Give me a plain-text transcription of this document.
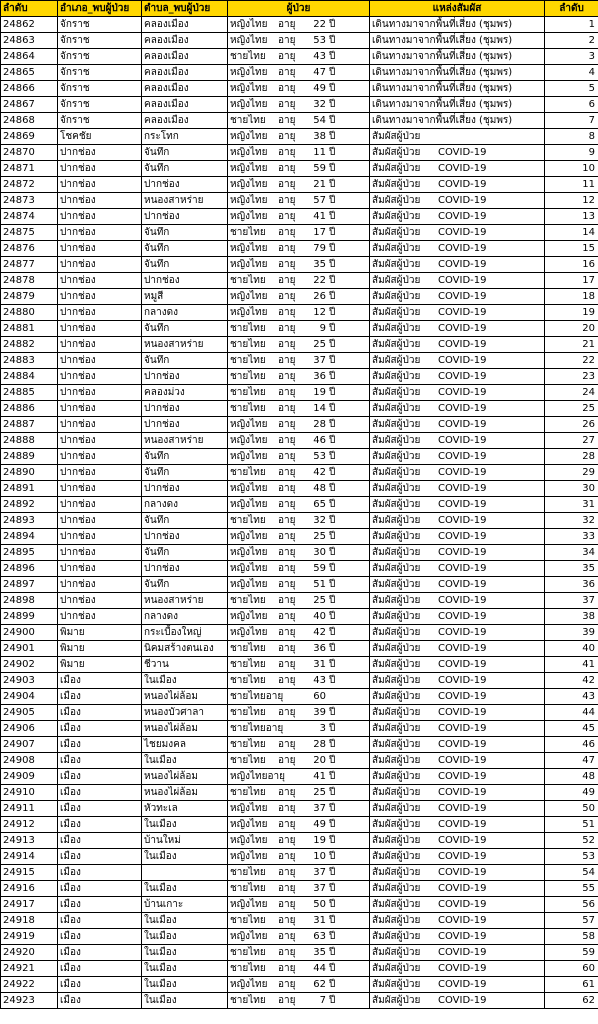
ลำดับ	อำเภอ_พบผู้ป่วย	ตำบล_พบผู้ป่วย	ผู้ป่วย	แหล่งสัมผัส	ลำดับ
24862	จักราช	คลองเมือง	หญิงไทย อายุ 22 ปี	เดินทางมาจากพื้นที่เสี่ยง (ชุมพร)	1
24863	จักราช	คลองเมือง	หญิงไทย อายุ 53 ปี	เดินทางมาจากพื้นที่เสี่ยง (ชุมพร)	2
24864	จักราช	คลองเมือง	ชายไทย อายุ 43 ปี	เดินทางมาจากพื้นที่เสี่ยง (ชุมพร)	3
24865	จักราช	คลองเมือง	หญิงไทย อายุ 47 ปี	เดินทางมาจากพื้นที่เสี่ยง (ชุมพร)	4
24866	จักราช	คลองเมือง	หญิงไทย อายุ 49 ปี	เดินทางมาจากพื้นที่เสี่ยง (ชุมพร)	5
24867	จักราช	คลองเมือง	หญิงไทย อายุ 32 ปี	เดินทางมาจากพื้นที่เสี่ยง (ชุมพร)	6
24868	จักราช	คลองเมือง	ชายไทย อายุ 54 ปี	เดินทางมาจากพื้นที่เสี่ยง (ชุมพร)	7
24869	โชคชัย	กระโทก	หญิงไทย อายุ 38 ปี	สัมผัสผู้ป่วย	8
24870	ปากช่อง	จันทึก	หญิงไทย อายุ 11 ปี	สัมผัสผู้ป่วย COVID-19	9
24871	ปากช่อง	จันทึก	หญิงไทย อายุ 59 ปี	สัมผัสผู้ป่วย COVID-19	10
24872	ปากช่อง	ปากช่อง	หญิงไทย อายุ 21 ปี	สัมผัสผู้ป่วย COVID-19	11
24873	ปากช่อง	หนองสาหร่าย	หญิงไทย อายุ 57 ปี	สัมผัสผู้ป่วย COVID-19	12
24874	ปากช่อง	ปากช่อง	หญิงไทย อายุ 41 ปี	สัมผัสผู้ป่วย COVID-19	13
24875	ปากช่อง	จันทึก	ชายไทย อายุ 17 ปี	สัมผัสผู้ป่วย COVID-19	14
24876	ปากช่อง	จันทึก	หญิงไทย อายุ 79 ปี	สัมผัสผู้ป่วย COVID-19	15
24877	ปากช่อง	จันทึก	หญิงไทย อายุ 35 ปี	สัมผัสผู้ป่วย COVID-19	16
24878	ปากช่อง	ปากช่อง	ชายไทย อายุ 22 ปี	สัมผัสผู้ป่วย COVID-19	17
24879	ปากช่อง	หมูสี	หญิงไทย อายุ 26 ปี	สัมผัสผู้ป่วย COVID-19	18
24880	ปากช่อง	กลางดง	หญิงไทย อายุ 12 ปี	สัมผัสผู้ป่วย COVID-19	19
24881	ปากช่อง	จันทึก	ชายไทย อายุ 9 ปี	สัมผัสผู้ป่วย COVID-19	20
24882	ปากช่อง	หนองสาหร่าย	ชายไทย อายุ 25 ปี	สัมผัสผู้ป่วย COVID-19	21
24883	ปากช่อง	จันทึก	ชายไทย อายุ 37 ปี	สัมผัสผู้ป่วย COVID-19	22
24884	ปากช่อง	ปากช่อง	ชายไทย อายุ 36 ปี	สัมผัสผู้ป่วย COVID-19	23
24885	ปากช่อง	คลองม่วง	ชายไทย อายุ 19 ปี	สัมผัสผู้ป่วย COVID-19	24
24886	ปากช่อง	ปากช่อง	ชายไทย อายุ 14 ปี	สัมผัสผู้ป่วย COVID-19	25
24887	ปากช่อง	ปากช่อง	หญิงไทย อายุ 28 ปี	สัมผัสผู้ป่วย COVID-19	26
24888	ปากช่อง	หนองสาหร่าย	หญิงไทย อายุ 46 ปี	สัมผัสผู้ป่วย COVID-19	27
24889	ปากช่อง	จันทึก	หญิงไทย อายุ 53 ปี	สัมผัสผู้ป่วย COVID-19	28
24890	ปากช่อง	จันทึก	ชายไทย อายุ 42 ปี	สัมผัสผู้ป่วย COVID-19	29
24891	ปากช่อง	ปากช่อง	หญิงไทย อายุ 48 ปี	สัมผัสผู้ป่วย COVID-19	30
24892	ปากช่อง	กลางดง	หญิงไทย อายุ 65 ปี	สัมผัสผู้ป่วย COVID-19	31
24893	ปากช่อง	จันทึก	ชายไทย อายุ 32 ปี	สัมผัสผู้ป่วย COVID-19	32
24894	ปากช่อง	ปากช่อง	หญิงไทย อายุ 25 ปี	สัมผัสผู้ป่วย COVID-19	33
24895	ปากช่อง	จันทึก	หญิงไทย อายุ 30 ปี	สัมผัสผู้ป่วย COVID-19	34
24896	ปากช่อง	ปากช่อง	หญิงไทย อายุ 59 ปี	สัมผัสผู้ป่วย COVID-19	35
24897	ปากช่อง	จันทึก	หญิงไทย อายุ 51 ปี	สัมผัสผู้ป่วย COVID-19	36
24898	ปากช่อง	หนองสาหร่าย	ชายไทย อายุ 25 ปี	สัมผัสผู้ป่วย COVID-19	37
24899	ปากช่อง	กลางดง	หญิงไทย อายุ 40 ปี	สัมผัสผู้ป่วย COVID-19	38
24900	พิมาย	กระเบื้องใหญ่	หญิงไทย อายุ 42 ปี	สัมผัสผู้ป่วย COVID-19	39
24901	พิมาย	นิคมสร้างตนเอง	ชายไทย อายุ 36 ปี	สัมผัสผู้ป่วย COVID-19	40
24902	พิมาย	ชีวาน	ชายไทย อายุ 31 ปี	สัมผัสผู้ป่วย COVID-19	41
24903	เมือง	ในเมือง	ชายไทย อายุ 43 ปี	สัมผัสผู้ป่วย COVID-19	42
24904	เมือง	หนองไผ่ล้อม	ชายไทยอายุ 60	สัมผัสผู้ป่วย COVID-19	43
24905	เมือง	หนองบัวศาลา	ชายไทย อายุ 39 ปี	สัมผัสผู้ป่วย COVID-19	44
24906	เมือง	หนองไผ่ล้อม	ชายไทยอายุ 3 ปี	สัมผัสผู้ป่วย COVID-19	45
24907	เมือง	ไชยมงคล	ชายไทย อายุ 28 ปี	สัมผัสผู้ป่วย COVID-19	46
24908	เมือง	ในเมือง	ชายไทย อายุ 20 ปี	สัมผัสผู้ป่วย COVID-19	47
24909	เมือง	หนองไผ่ล้อม	หญิงไทยอายุ 41 ปี	สัมผัสผู้ป่วย COVID-19	48
24910	เมือง	หนองไผ่ล้อม	ชายไทย อายุ 25 ปี	สัมผัสผู้ป่วย COVID-19	49
24911	เมือง	หัวทะเล	หญิงไทย อายุ 37 ปี	สัมผัสผู้ป่วย COVID-19	50
24912	เมือง	ในเมือง	หญิงไทย อายุ 49 ปี	สัมผัสผู้ป่วย COVID-19	51
24913	เมือง	บ้านใหม่	หญิงไทย อายุ 19 ปี	สัมผัสผู้ป่วย COVID-19	52
24914	เมือง	ในเมือง	หญิงไทย อายุ 10 ปี	สัมผัสผู้ป่วย COVID-19	53
24915	เมือง		ชายไทย อายุ 37 ปี	สัมผัสผู้ป่วย COVID-19	54
24916	เมือง	ในเมือง	ชายไทย อายุ 37 ปี	สัมผัสผู้ป่วย COVID-19	55
24917	เมือง	บ้านเกาะ	หญิงไทย อายุ 50 ปี	สัมผัสผู้ป่วย COVID-19	56
24918	เมือง	ในเมือง	ชายไทย อายุ 31 ปี	สัมผัสผู้ป่วย COVID-19	57
24919	เมือง	ในเมือง	หญิงไทย อายุ 63 ปี	สัมผัสผู้ป่วย COVID-19	58
24920	เมือง	ในเมือง	ชายไทย อายุ 35 ปี	สัมผัสผู้ป่วย COVID-19	59
24921	เมือง	ในเมือง	ชายไทย อายุ 44 ปี	สัมผัสผู้ป่วย COVID-19	60
24922	เมือง	ในเมือง	หญิงไทย อายุ 62 ปี	สัมผัสผู้ป่วย COVID-19	61
24923	เมือง	ในเมือง	ชายไทย อายุ 7 ปี	สัมผัสผู้ป่วย COVID-19	62
